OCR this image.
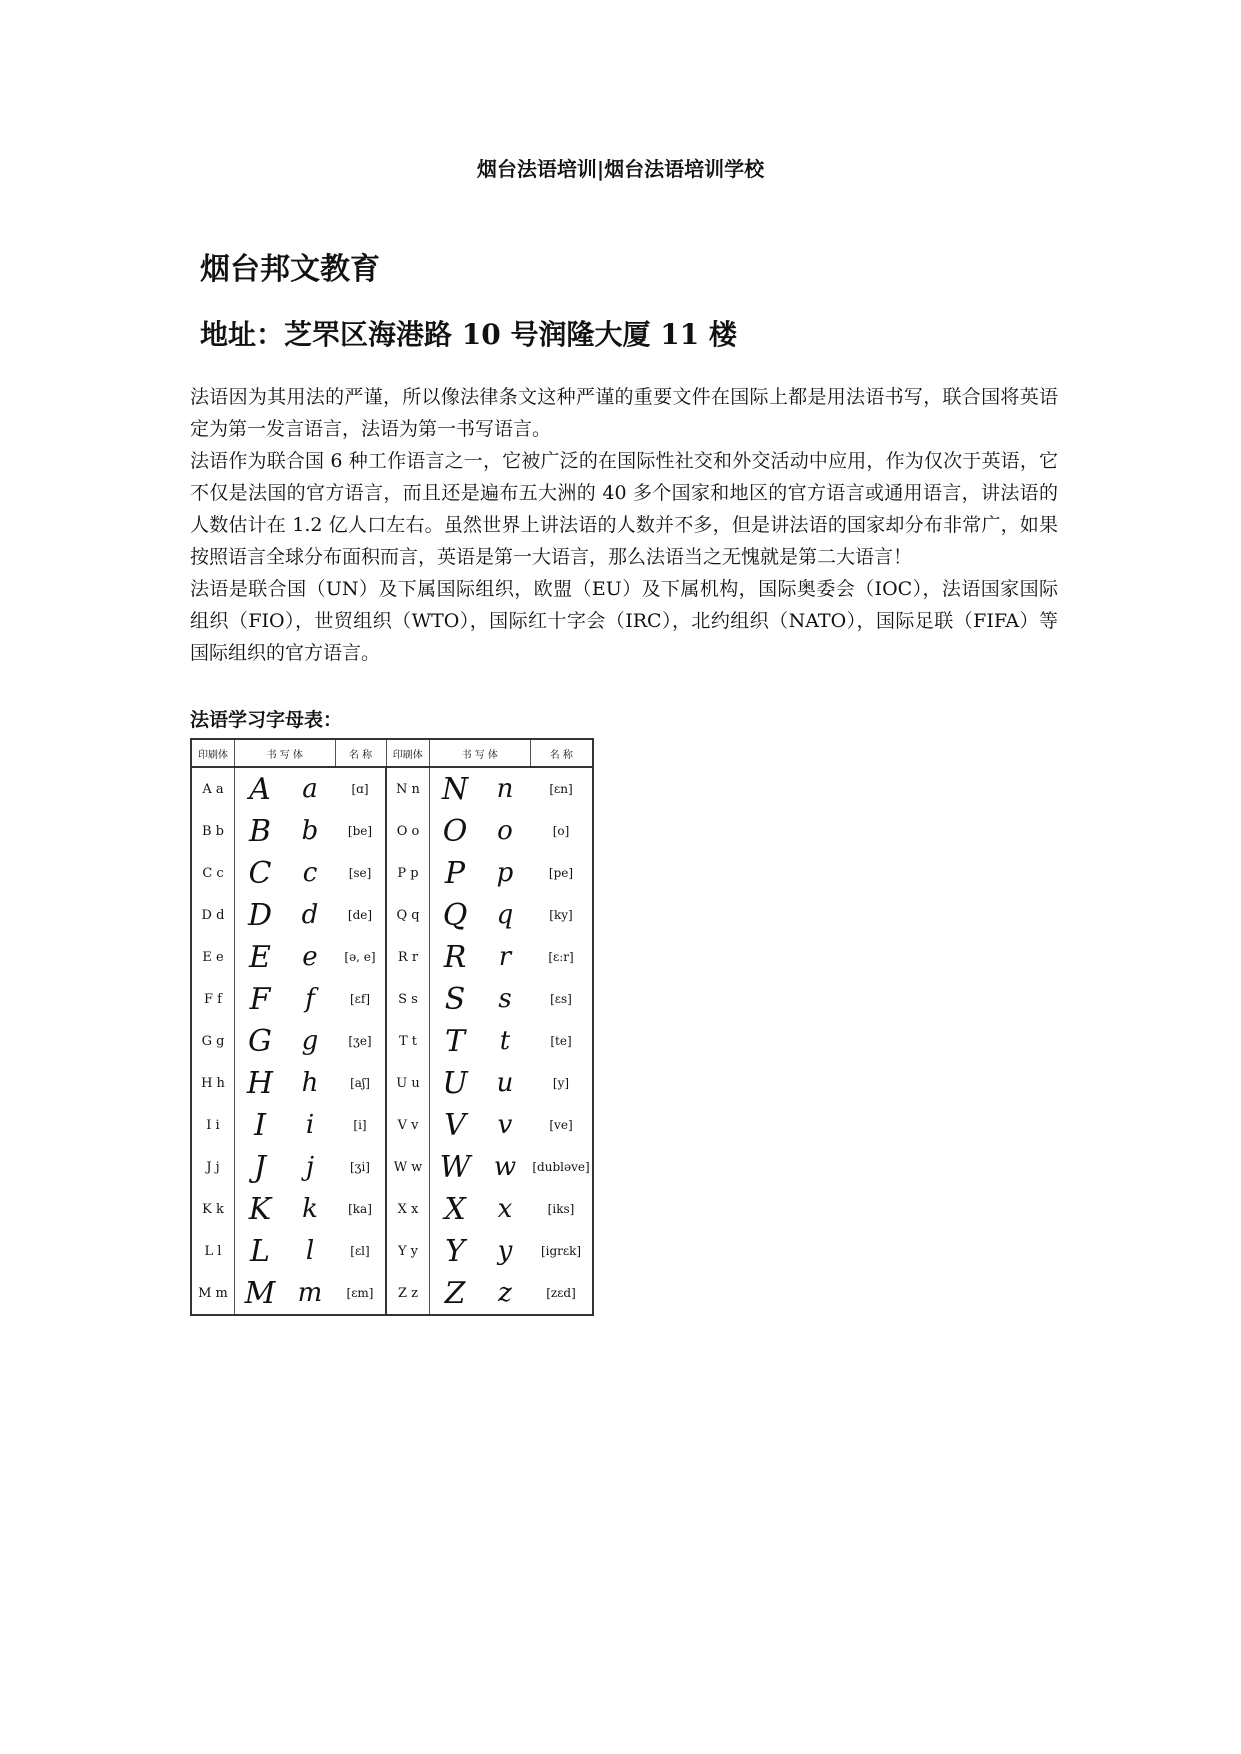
烟台法语培训|烟台法语培训学校
烟台邦文教育
地址：芝罘区海港路 10 号润隆大厦 11 楼

法语因为其用法的严谨，所以像法律条文这种严谨的重要文件在国际上都是用法语书写，联合国将英语定为第一发言语言，法语为第一书写语言。

法语作为联合国 6 种工作语言之一，它被广泛的在国际性社交和外交活动中应用，作为仅次于英语，它不仅是法国的官方语言，而且还是遍布五大洲的 40 多个国家和地区的官方语言或通用语言，讲法语的人数估计在 1.2 亿人口左右。虽然世界上讲法语的人数并不多，但是讲法语的国家却分布非常广，如果按照语言全球分布面积而言，英语是第一大语言，那么法语当之无愧就是第二大语言！

法语是联合国（UN）及下属国际组织，欧盟（EU）及下属机构，国际奥委会（IOC），法语国家国际组织（FIO），世贸组织（WTO），国际红十字会（IRC），北约组织（NATO），国际足联（FIFA）等国际组织的官方语言。

法语学习字母表：
印刷体	书 写 体		名 称	印刷体	书 写 体		名 称
A a	A	a	[ɑ]	N n	N	n	[ɛn]
B b	B	b	[be]	O o	O	o	[o]
C c	C	c	[se]	P p	P	p	[pe]
D d	D	d	[de]	Q q	Q	q	[ky]
E e	E	e	[ə, e]	R r	R	r	[ɛːr]
F f	F	f	[ɛf]	S s	S	s	[ɛs]
G g	G	g	[ʒe]	T t	T	t	[te]
H h	H	h	[aʃ]	U u	U	u	[y]
I i	I	i	[i]	V v	V	v	[ve]
J j	J	j	[ʒi]	W w	W	w	[dubləve]
K k	K	k	[ka]	X x	X	x	[iks]
L l	L	l	[ɛl]	Y y	Y	y	[igrɛk]
M m	M	m	[ɛm]	Z z	Z	z	[zɛd]
